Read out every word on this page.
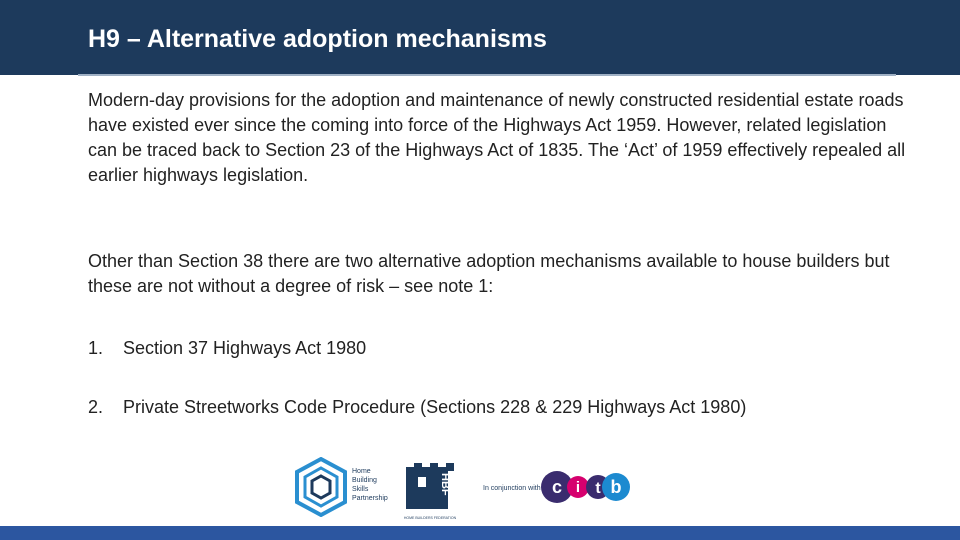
H9 – Alternative adoption mechanisms
Modern-day provisions for the adoption and maintenance of newly constructed residential estate roads have existed ever since the coming into force of the Highways Act 1959. However, related legislation can be traced back to Section 23 of the Highways Act of 1835. The ‘Act’ of 1959 effectively repealed all earlier highways legislation.
Other than Section 38 there are two alternative adoption mechanisms available to house builders but these are not without a degree of risk – see note 1:
1. Section 37 Highways Act 1980
2. Private Streetworks Code Procedure (Sections 228 & 229 Highways Act 1980)
Home
Building
Skills
Partnership
HBF
HOME BUILDERS FEDERATION
In conjunction with c i t b
